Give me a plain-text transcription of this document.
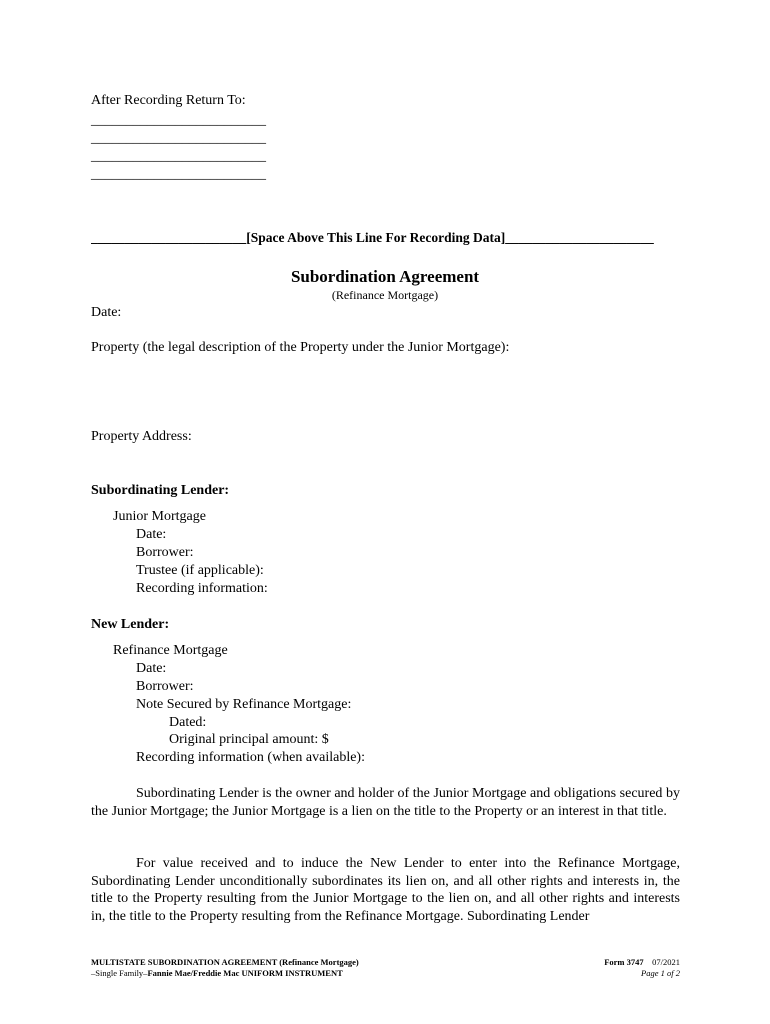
After Recording Return To:
_________________________
_________________________
_________________________
_________________________
_______________________[Space Above This Line For Recording Data]______________________
Subordination Agreement
(Refinance Mortgage)
Date:
Property (the legal description of the Property under the Junior Mortgage):
Property Address:
Subordinating Lender:
Junior Mortgage
Date:
Borrower:
Trustee (if applicable):
Recording information:
New Lender:
Refinance Mortgage
Date:
Borrower:
Note Secured by Refinance Mortgage:
Dated:
Original principal amount: $
Recording information (when available):
Subordinating Lender is the owner and holder of the Junior Mortgage and obligations secured by the Junior Mortgage; the Junior Mortgage is a lien on the title to the Property or an interest in that title.
For value received and to induce the New Lender to enter into the Refinance Mortgage, Subordinating Lender unconditionally subordinates its lien on, and all other rights and interests in, the title to the Property resulting from the Junior Mortgage to the lien on, and all other rights and interests in, the title to the Property resulting from the Refinance Mortgage. Subordinating Lender
MULTISTATE SUBORDINATION AGREEMENT (Refinance Mortgage)
–Single Family–Fannie Mae/Freddie Mac UNIFORM INSTRUMENT
Form 3747 07/2021
Page 1 of 2
